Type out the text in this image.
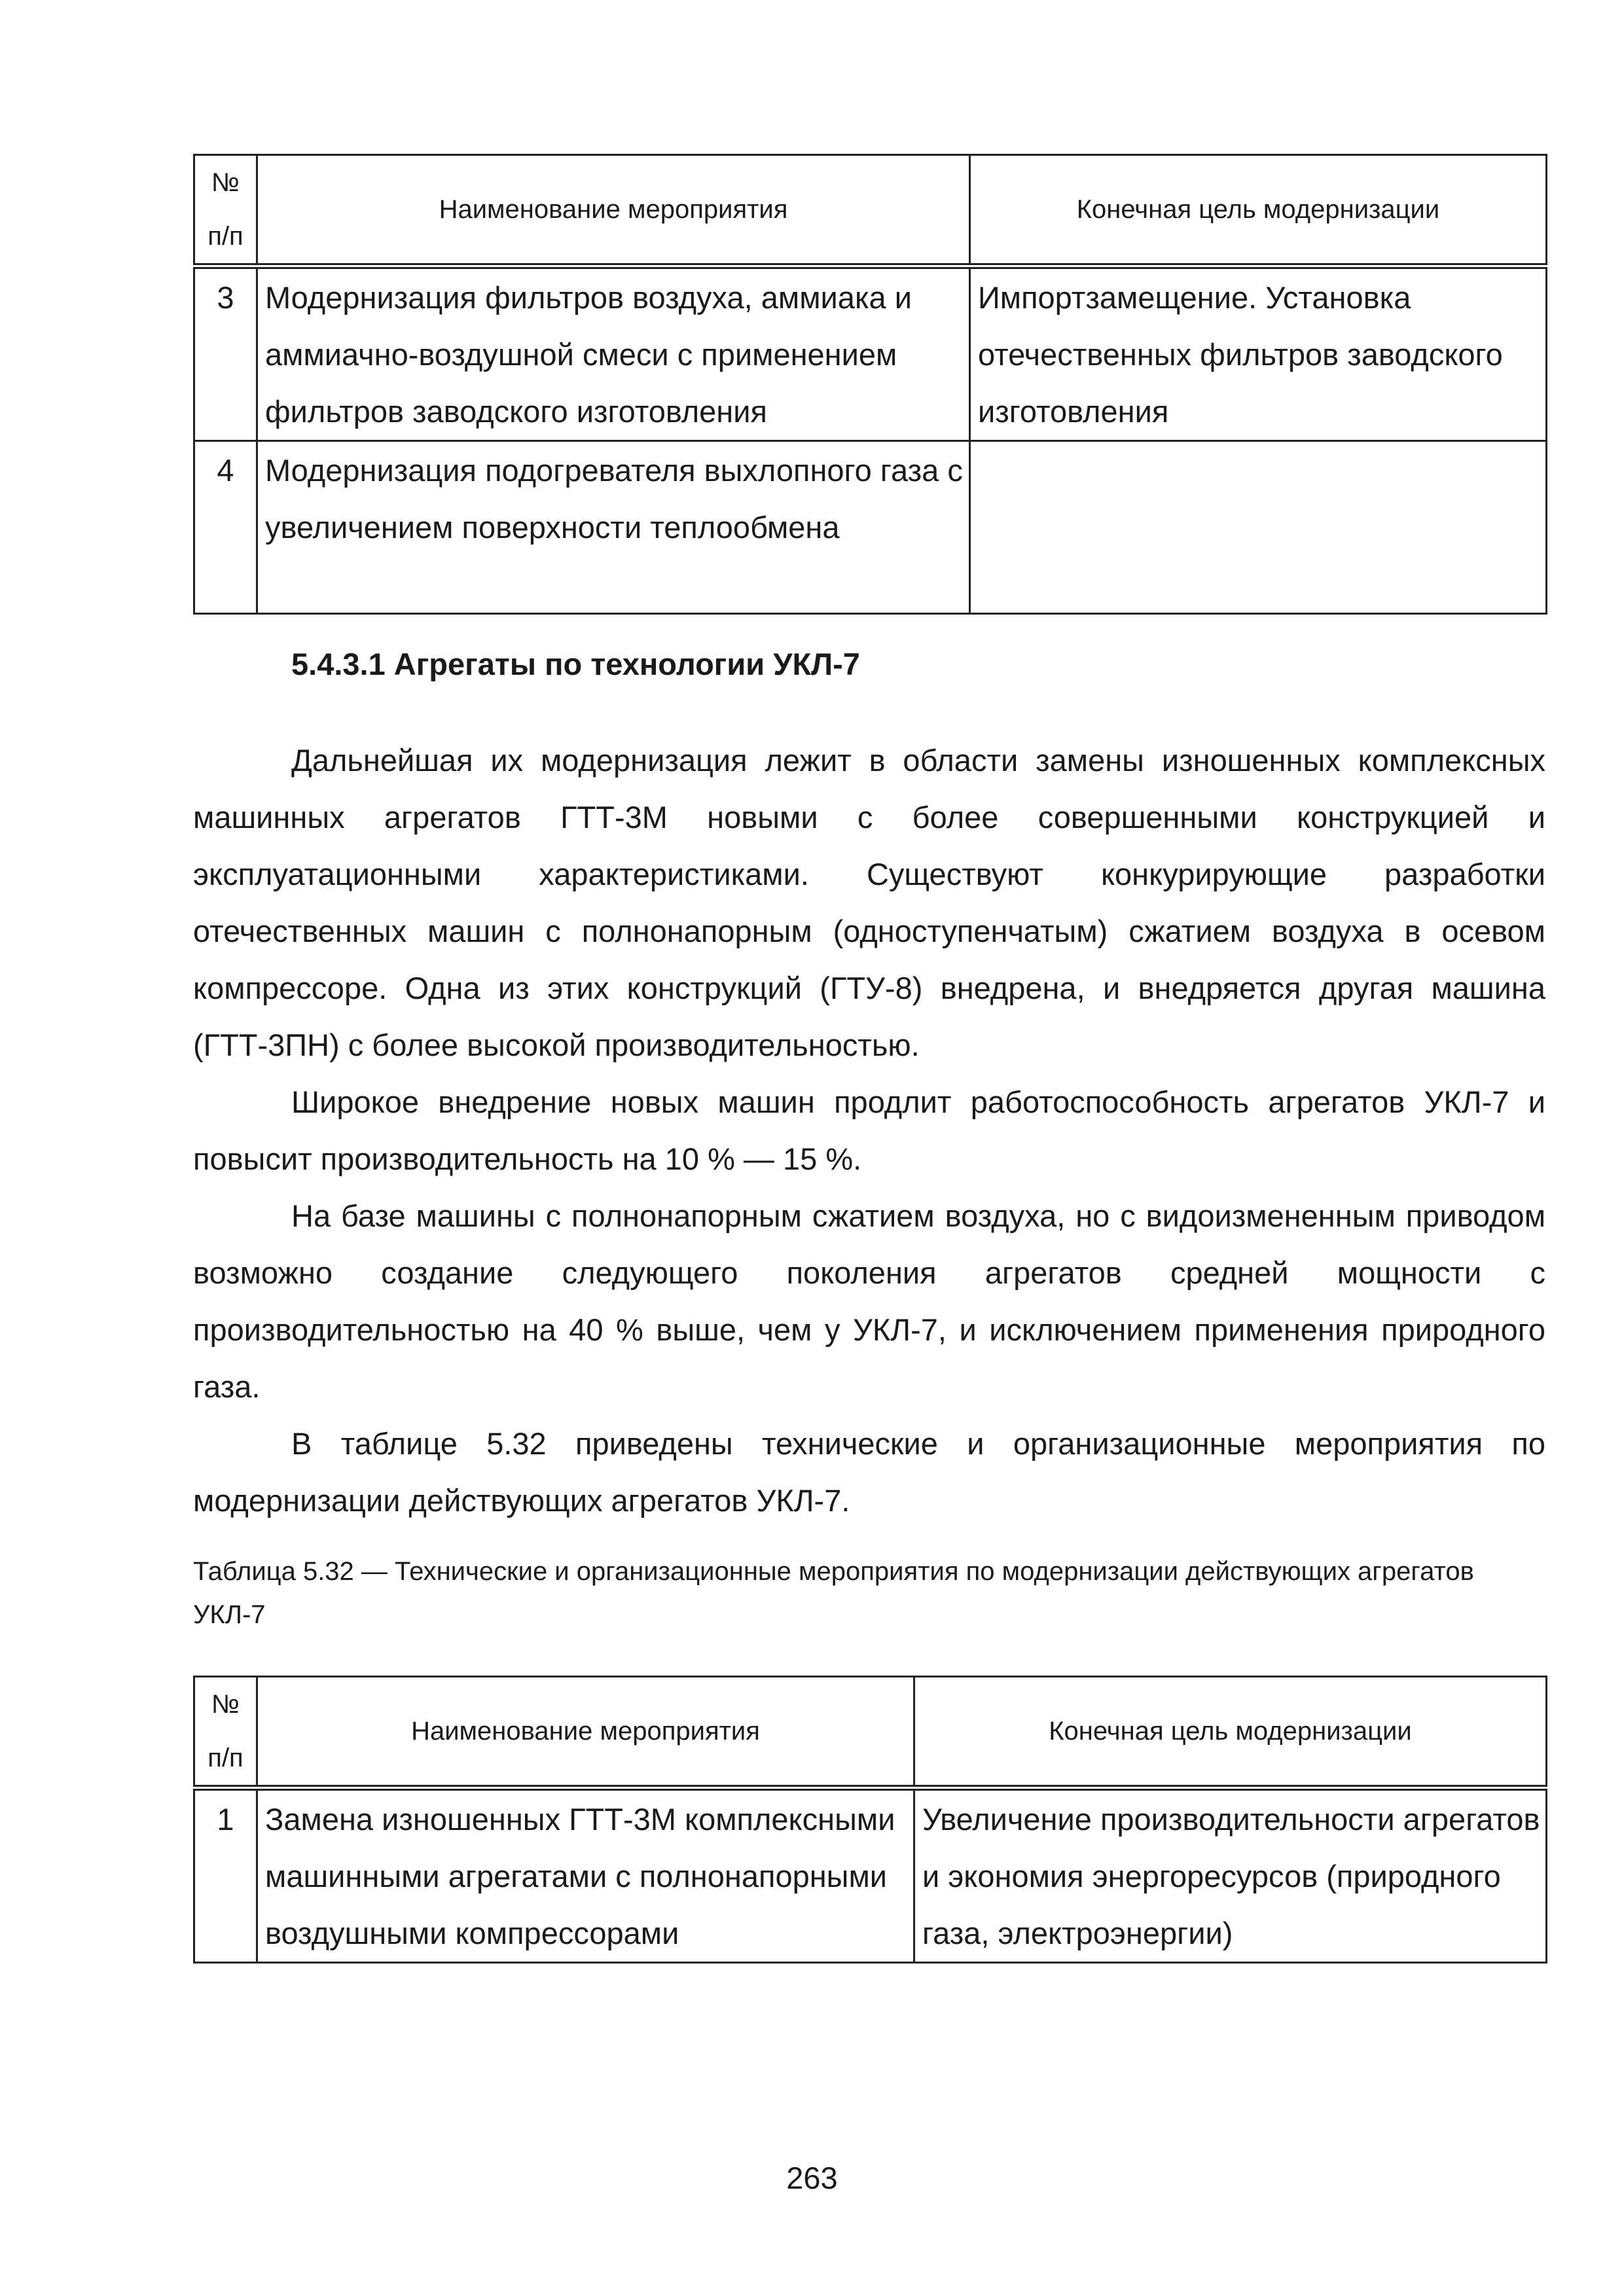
№ п/п	Наименование мероприятия	Конечная цель модернизации
3	Модернизация фильтров воздуха, аммиака и аммиачно-воздушной смеси с применением фильтров заводского изготовления	Импортзамещение. Установка отечественных фильтров заводского изготовления
4	Модернизация подогревателя выхлопного газа с увеличением поверхности теплообмена	
5.4.3.1 Агрегаты по технологии УКЛ-7

Дальнейшая их модернизация лежит в области замены изношенных комплексных машинных агрегатов ГТТ-3М новыми с более совершенными конструкцией и эксплуатационными характеристиками. Существуют конкурирующие разработки отечественных машин с полнонапорным (одноступенчатым) сжатием воздуха в осевом компрессоре. Одна из этих конструкций (ГТУ-8) внедрена, и внедряется другая машина (ГТТ-3ПН) с более высокой производительностью.

Широкое внедрение новых машин продлит работоспособность агрегатов УКЛ-7 и повысит производительность на 10 % — 15 %.

На базе машины с полнонапорным сжатием воздуха, но с видоизмененным приводом возможно создание следующего поколения агрегатов средней мощности с производительностью на 40 % выше, чем у УКЛ-7, и исключением применения природного газа.

В таблице 5.32 приведены технические и организационные мероприятия по модернизации действующих агрегатов УКЛ-7.

Таблица 5.32 — Технические и организационные мероприятия по модернизации действующих агрегатов УКЛ-7

№ п/п	Наименование мероприятия	Конечная цель модернизации
1	Замена изношенных ГТТ-3М комплексными машинными агрегатами с полнонапорными воздушными компрессорами	Увеличение производительности агрегатов и экономия энергоресурсов (природного газа, электроэнергии)
263
